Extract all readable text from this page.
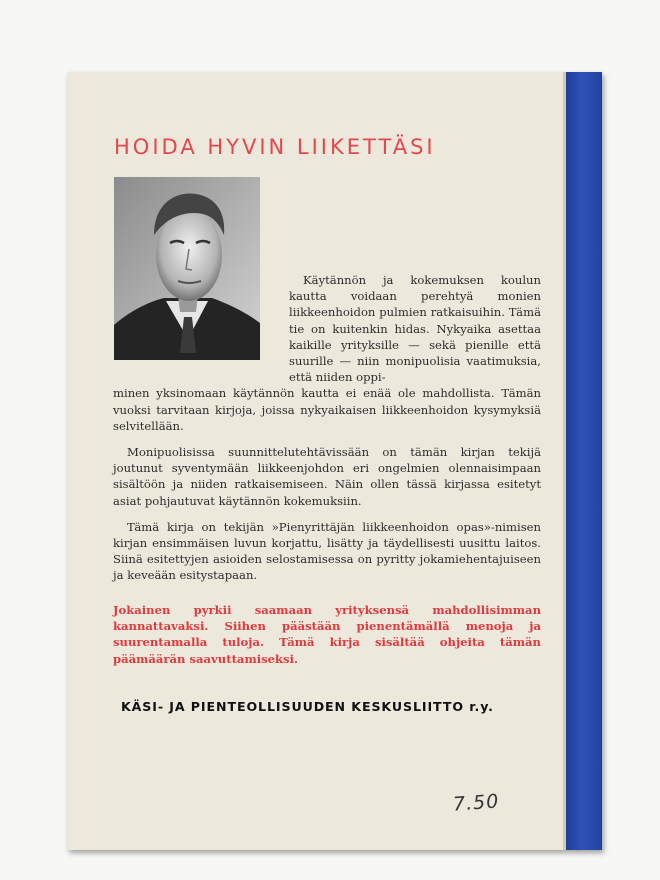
HOIDA HYVIN LIIKETTÄSI

Käytännön ja kokemuksen koulun kautta voidaan perehtyä monien liikkeenhoidon pulmien ratkaisuihin. Tämä tie on kuitenkin hidas. Nykyaika asettaa kaikille yrityksille — sekä pienille että suurille — niin monipuolisia vaatimuksia, että niiden oppi-

minen yksinomaan käytännön kautta ei enää ole mahdollista. Tämän vuoksi tarvitaan kirjoja, joissa nykyaikaisen liikkeenhoidon kysymyksiä selvitellään.

Monipuolisissa suunnittelutehtävissään on tämän kirjan tekijä joutunut syventymään liikkeenjohdon eri ongelmien olennaisimpaan sisältöön ja niiden ratkaisemiseen. Näin ollen tässä kirjassa esitetyt asiat pohjautuvat käytännön kokemuksiin.

Tämä kirja on tekijän »Pienyrittäjän liikkeenhoidon opas»-nimisen kirjan ensimmäisen luvun korjattu, lisätty ja täydellisesti uusittu laitos. Siinä esitettyjen asioiden selostamisessa on pyritty jokamiehentajuiseen ja keveään esitystapaan.

Jokainen pyrkii saamaan yrityksensä mahdollisimman kannattavaksi. Siihen päästään pienentämällä menoja ja suurentamalla tuloja. Tämä kirja sisältää ohjeita tämän päämäärän saavuttamiseksi.

KÄSI- JA PIENTEOLLISUUDEN KESKUSLIITTO r.y.

7.50
